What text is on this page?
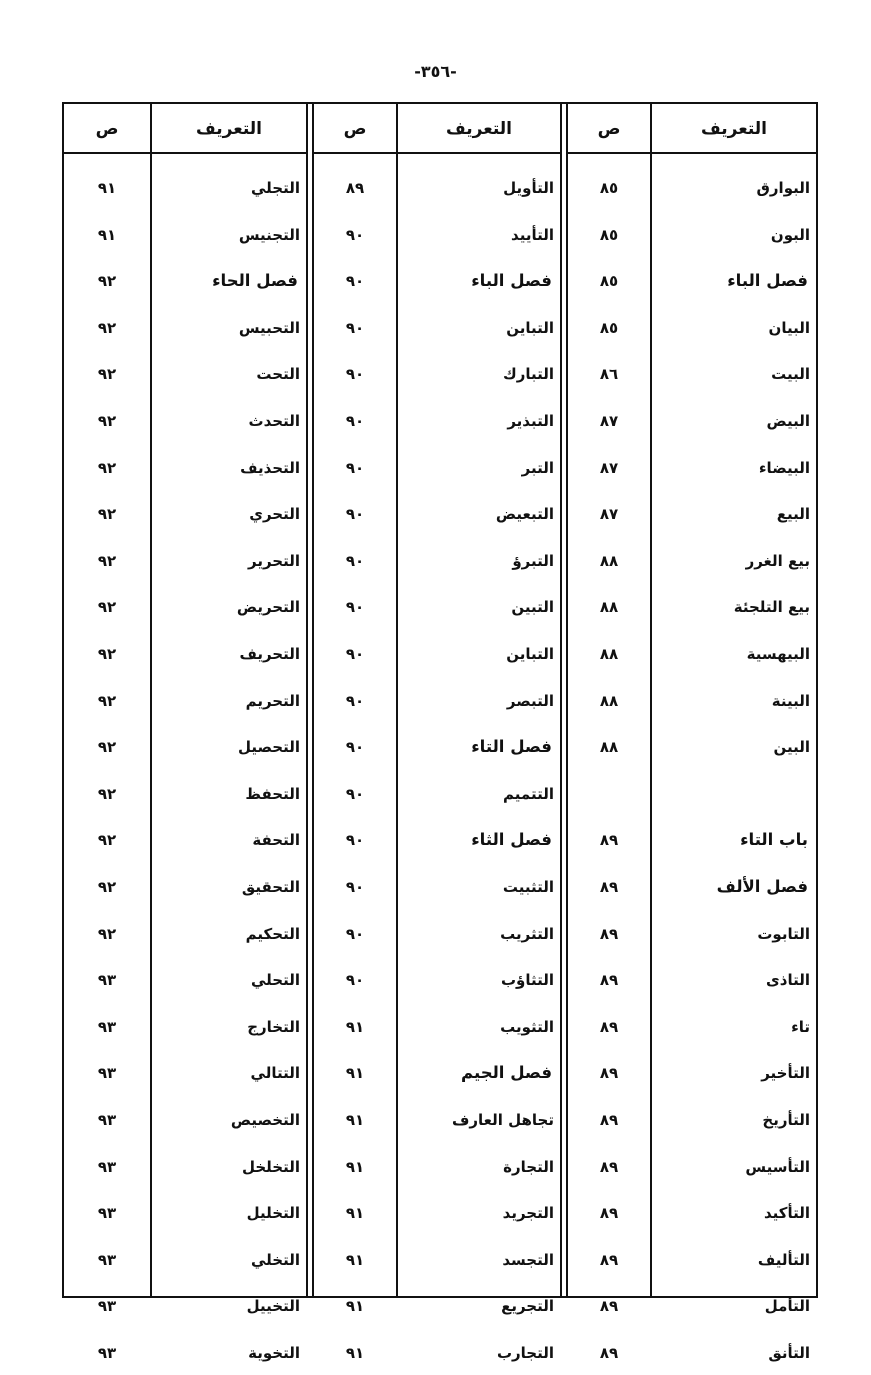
-٣٥٦-
التعريف
ص
البوارق
٨٥
البون
٨٥
فصل الباء
٨٥
البيان
٨٥
البيت
٨٦
البيض
٨٧
البيضاء
٨٧
البيع
٨٧
بيع الغرر
٨٨
بيع التلجئة
٨٨
البيهسية
٨٨
البينة
٨٨
البين
٨٨
باب التاء
٨٩
فصل الألف
٨٩
التابوت
٨٩
التاذى
٨٩
تاء
٨٩
التأخير
٨٩
التأريخ
٨٩
التأسيس
٨٩
التأكيد
٨٩
التأليف
٨٩
التأمل
٨٩
التأنق
٨٩
التعريف
ص
التأويل
٨٩
التأييد
٩٠
فصل الباء
٩٠
التباين
٩٠
التبارك
٩٠
التبذير
٩٠
التبر
٩٠
التبعيض
٩٠
التبرؤ
٩٠
التبين
٩٠
التباين
٩٠
التبصر
٩٠
فصل التاء
٩٠
التتميم
٩٠
فصل الثاء
٩٠
التثبيت
٩٠
التثريب
٩٠
التثاؤب
٩٠
التثويب
٩١
فصل الجيم
٩١
تجاهل العارف
٩١
التجارة
٩١
التجريد
٩١
التجسد
٩١
التجريع
٩١
التجارب
٩١
التعريف
ص
التجلي
٩١
التجنيس
٩١
فصل الحاء
٩٢
التحبيس
٩٢
التحت
٩٢
التحدث
٩٢
التحذيف
٩٢
التحري
٩٢
التحرير
٩٢
التحريض
٩٢
التحريف
٩٢
التحريم
٩٢
التحصيل
٩٢
التحفظ
٩٢
التحفة
٩٢
التحقيق
٩٢
التحكيم
٩٢
التحلي
٩٣
التخارج
٩٣
التتالي
٩٣
التخصيص
٩٣
التخلخل
٩٣
التخليل
٩٣
التخلي
٩٣
التخييل
٩٣
التخوية
٩٣
